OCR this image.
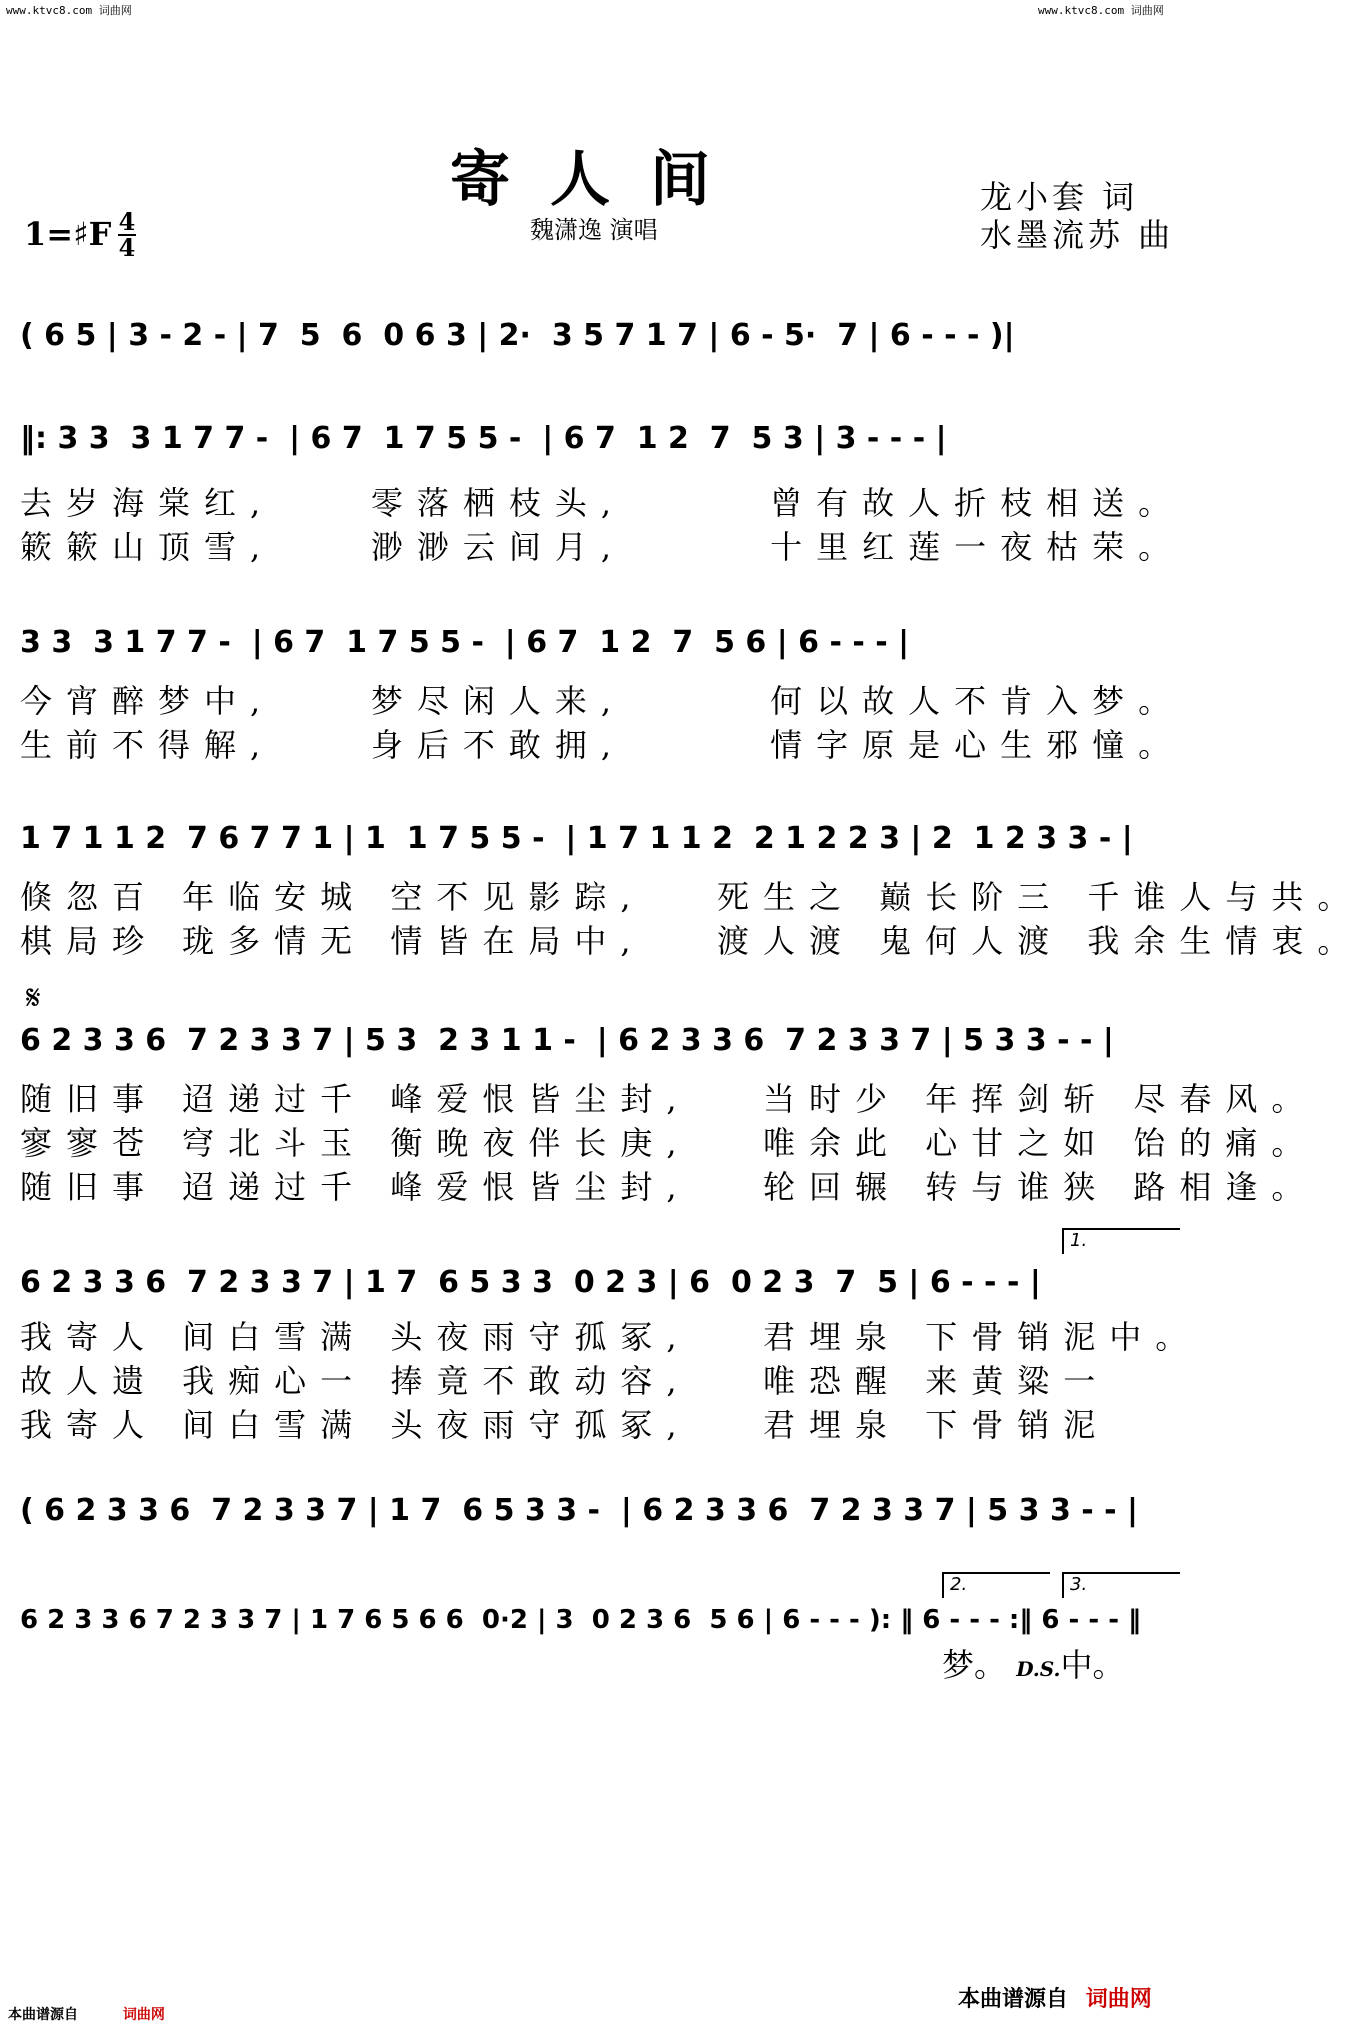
www.ktvc8.com 词曲网	www.ktvc8.com 词曲网
寄人间
魏潇逸 演唱
龙小套 词
水墨流苏 曲
1=♯F 4
4
( 6 5 | 3 - 2 - | 7  5  6  0 6 3 | 2·  3 5 7 1 7 | 6 - 5·  7 | 6 - - - )|
‖: 3 3  3 1 7 7 -  | 6 7  1 7 5 5 -  | 6 7  1 2  7  5 3 | 3 - - - |
去岁海棠红,    零落栖枝头,      曾有故人折枝相送。
簌簌山顶雪,    渺渺云间月,      十里红莲一夜枯荣。
3 3  3 1 7 7 -  | 6 7  1 7 5 5 -  | 6 7  1 2  7  5 6 | 6 - - - |
今宵醉梦中,    梦尽闲人来,      何以故人不肯入梦。
生前不得解,    身后不敢拥,      情字原是心生邪憧。
1 7 1 1 2  7 6 7 7 1 | 1  1 7 5 5 -  | 1 7 1 1 2  2 1 2 2 3 | 2  1 2 3 3 - |
倏忽百 年临安城 空不见影踪,   死生之 巅长阶三 千谁人与共。
棋局珍 珑多情无 情皆在局中,   渡人渡 鬼何人渡 我余生情衷。
𝄋
6 2 3 3 6  7 2 3 3 7 | 5 3  2 3 1 1 -  | 6 2 3 3 6  7 2 3 3 7 | 5 3 3 - - |
随旧事 迢递过千 峰爱恨皆尘封,   当时少 年挥剑斩 尽春风。
寥寥苍 穹北斗玉 衡晚夜伴长庚,   唯余此 心甘之如 饴的痛。
随旧事 迢递过千 峰爱恨皆尘封,   轮回辗 转与谁狭 路相逢。
1.
6 2 3 3 6  7 2 3 3 7 | 1 7  6 5 3 3  0 2 3 | 6  0 2 3  7  5 | 6 - - - |
我寄人 间白雪满 头夜雨守孤冢,   君埋泉 下骨销泥中。
故人遗 我痴心一 捧竟不敢动容,   唯恐醒 来黄粱一
我寄人 间白雪满 头夜雨守孤冢,   君埋泉 下骨销泥
( 6 2 3 3 6  7 2 3 3 7 | 1 7  6 5 3 3 -  | 6 2 3 3 6  7 2 3 3 7 | 5 3 3 - - |
2.	3.
6 2 3 3 6 7 2 3 3 7 | 1 7 6 5 6 6  0·2 | 3  0 2 3 6  5 6 | 6 - - - ): ‖ 6 - - - :‖ 6 - - - ‖
梦。 D.S.中。
本曲谱源自	词曲网
本曲谱源自 词曲网
